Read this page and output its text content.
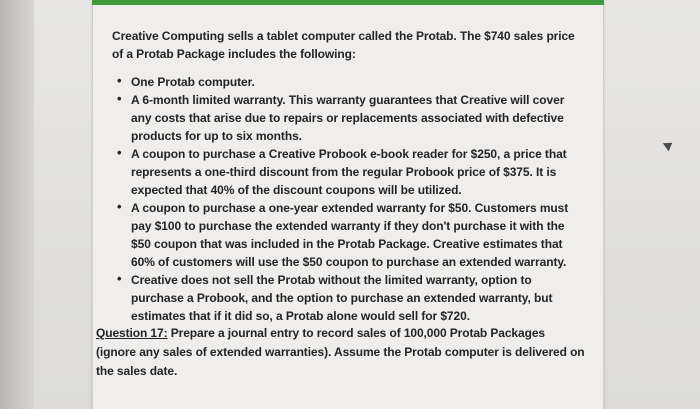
Creative Computing sells a tablet computer called the Protab. The $740 sales price of a Protab Package includes the following:

• One Protab computer.
• A 6-month limited warranty. This warranty guarantees that Creative will cover any costs that arise due to repairs or replacements associated with defective products for up to six months.
• A coupon to purchase a Creative Probook e-book reader for $250, a price that represents a one-third discount from the regular Probook price of $375. It is expected that 40% of the discount coupons will be utilized.
• A coupon to purchase a one-year extended warranty for $50. Customers must pay $100 to purchase the extended warranty if they don't purchase it with the $50 coupon that was included in the Protab Package. Creative estimates that 60% of customers will use the $50 coupon to purchase an extended warranty.
• Creative does not sell the Protab without the limited warranty, option to purchase a Probook, and the option to purchase an extended warranty, but estimates that if it did so, a Protab alone would sell for $720.
Question 17: Prepare a journal entry to record sales of 100,000 Protab Packages (ignore any sales of extended warranties). Assume the Protab computer is delivered on the sales date.
